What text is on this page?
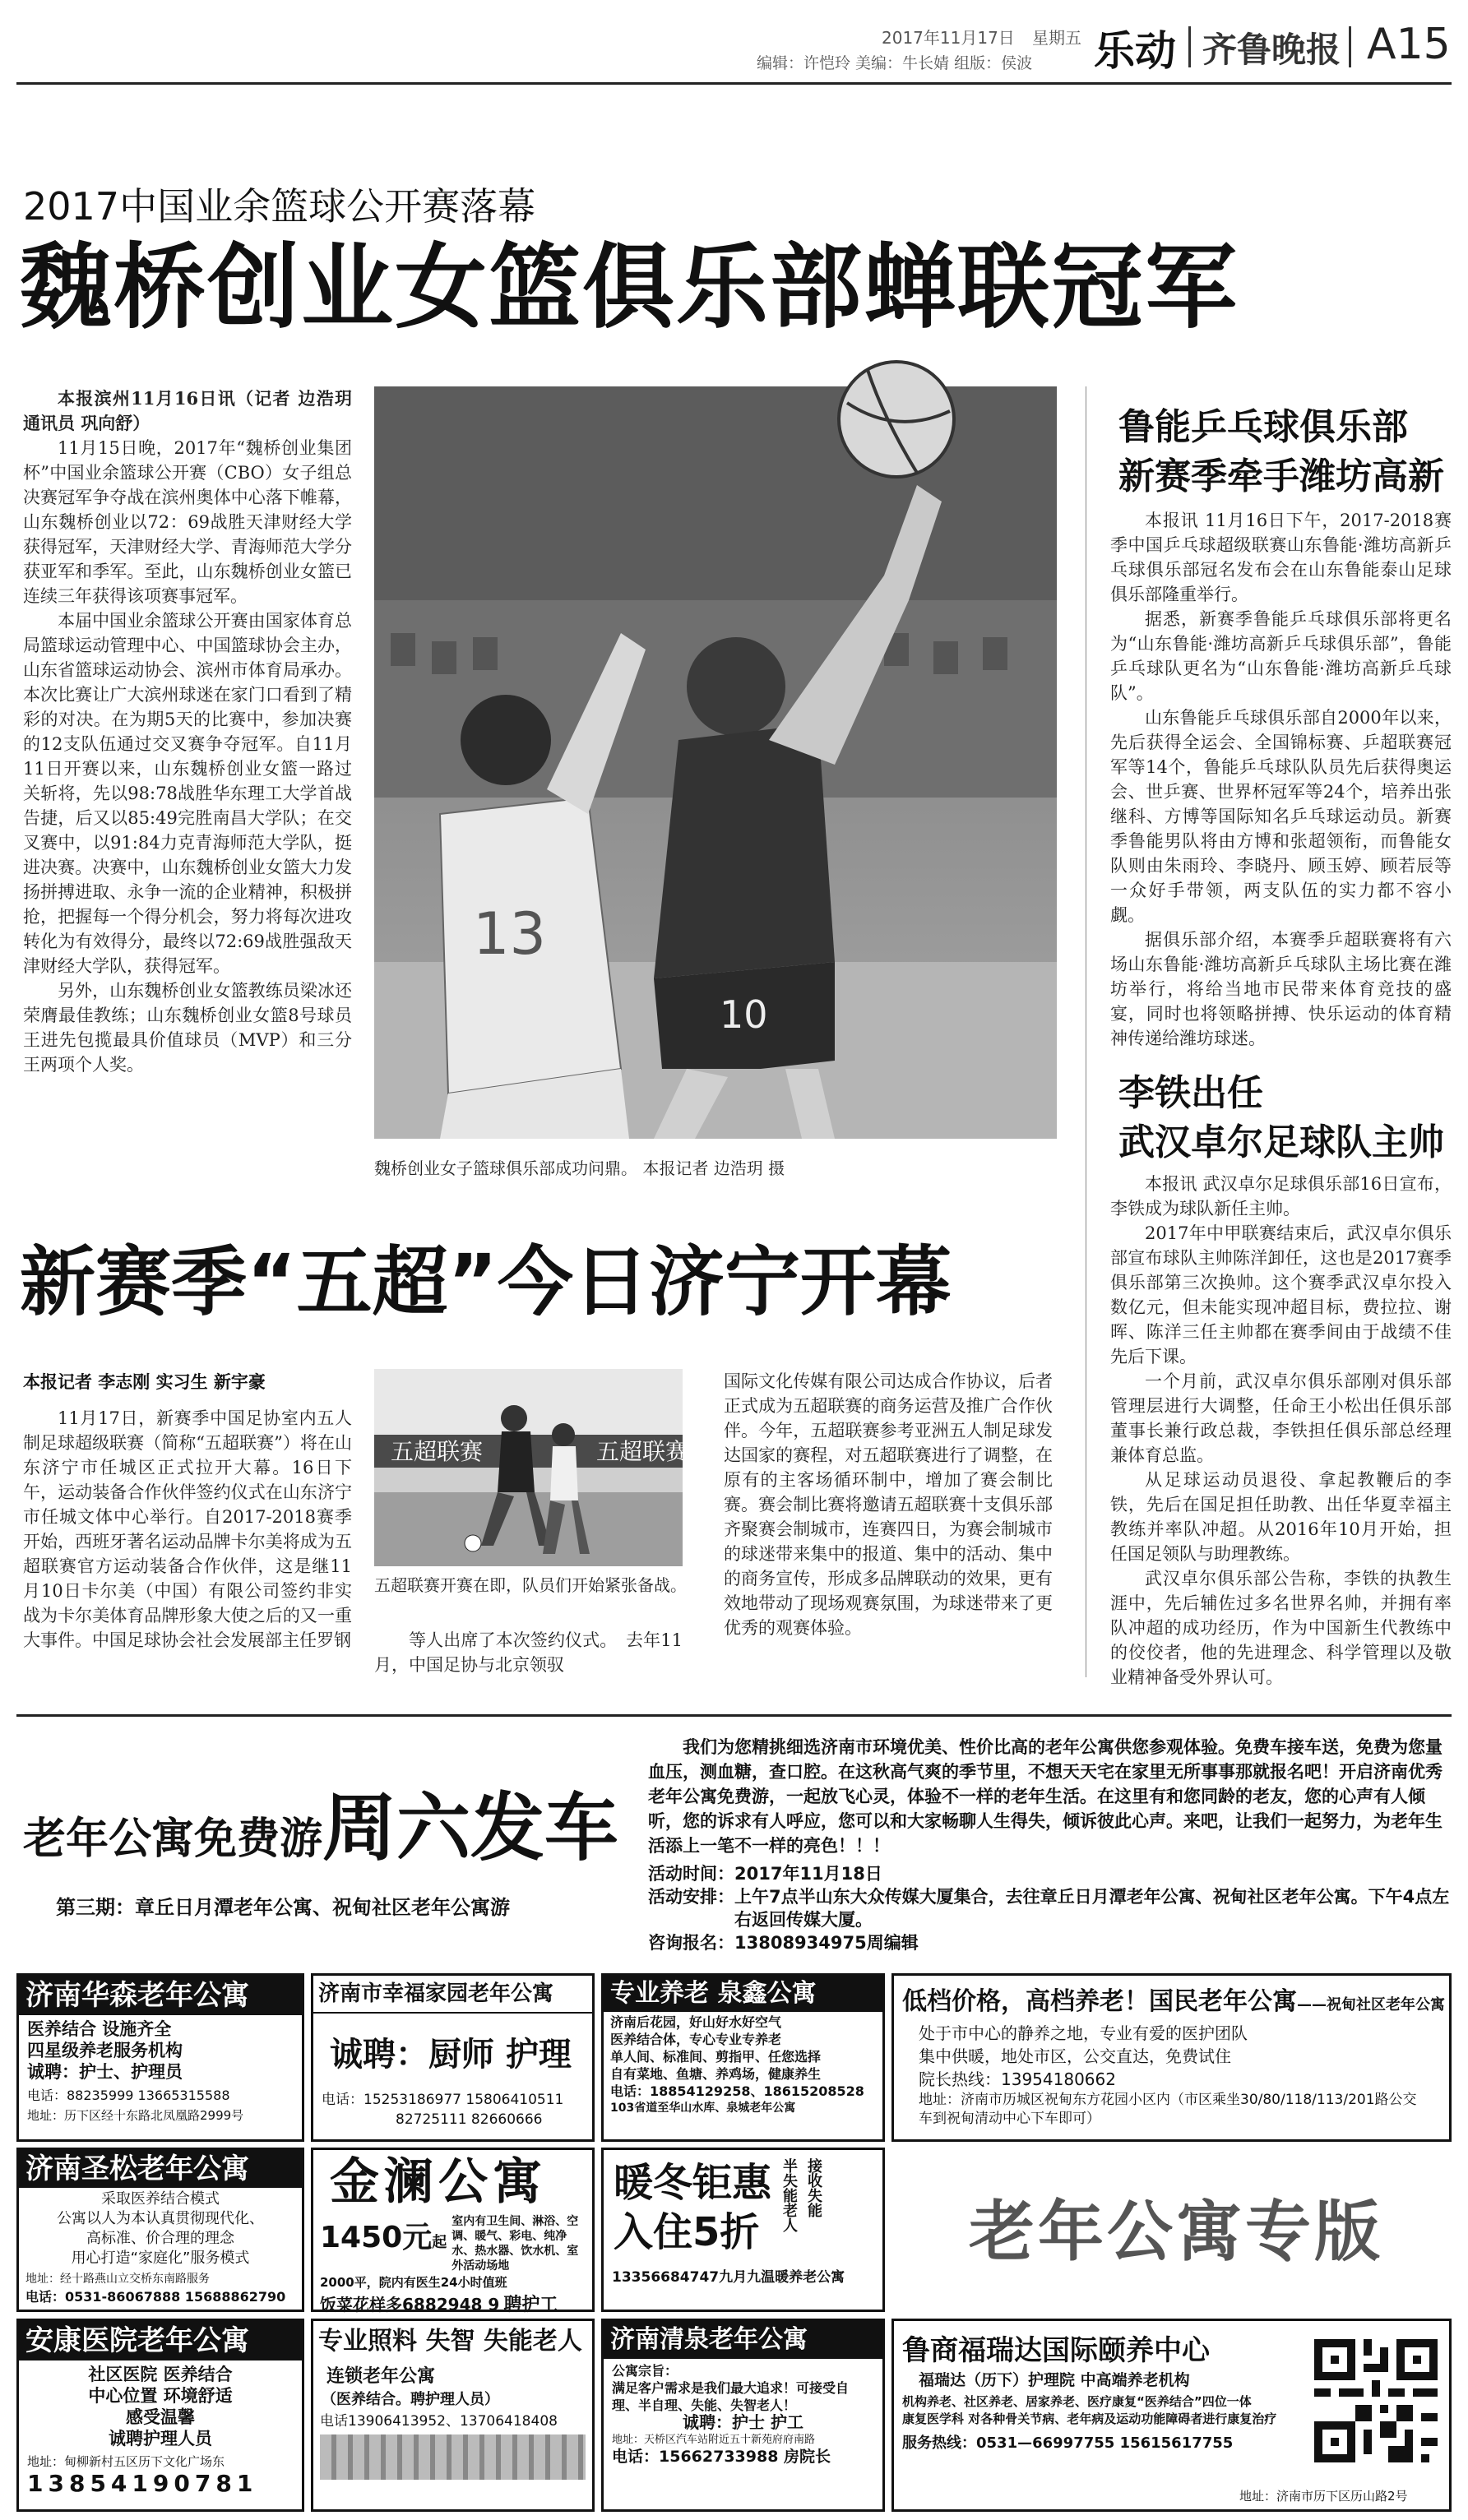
2017年11月17日 星期五
编辑：许恺玲 美编：牛长婧 组版：侯波 乐动 齐鲁晚报 A15
2017中国业余篮球公开赛落幕
魏桥创业女篮俱乐部蝉联冠军

本报滨州11月16日讯（记者 边浩玥 通讯员 巩向舒）

11月15日晚，2017年“魏桥创业集团杯”中国业余篮球公开赛（CBO）女子组总决赛冠军争夺战在滨州奥体中心落下帷幕，山东魏桥创业以72：69战胜天津财经大学获得冠军，天津财经大学、青海师范大学分获亚军和季军。至此，山东魏桥创业女篮已连续三年获得该项赛事冠军。

本届中国业余篮球公开赛由国家体育总局篮球运动管理中心、中国篮球协会主办，山东省篮球运动协会、滨州市体育局承办。本次比赛让广大滨州球迷在家门口看到了精彩的对决。在为期5天的比赛中，参加决赛的12支队伍通过交叉赛争夺冠军。自11月11日开赛以来，山东魏桥创业女篮一路过关斩将，先以98:78战胜华东理工大学首战告捷，后又以85:49完胜南昌大学队；在交叉赛中，以91:84力克青海师范大学队，挺进决赛。决赛中，山东魏桥创业女篮大力发扬拼搏进取、永争一流的企业精神，积极拼抢，把握每一个得分机会，努力将每次进攻转化为有效得分，最终以72:69战胜强敌天津财经大学队，获得冠军。

另外，山东魏桥创业女篮教练员梁冰还荣膺最佳教练；山东魏桥创业女篮8号球员王进先包揽最具价值球员（MVP）和三分王两项个人奖。

10
13
魏桥创业女子篮球俱乐部成功问鼎。 本报记者 边浩玥 摄
鲁能乒乓球俱乐部
新赛季牵手潍坊高新

本报讯 11月16日下午，2017-2018赛季中国乒乓球超级联赛山东鲁能·潍坊高新乒乓球俱乐部冠名发布会在山东鲁能泰山足球俱乐部隆重举行。

据悉，新赛季鲁能乒乓球俱乐部将更名为“山东鲁能·潍坊高新乒乓球俱乐部”，鲁能乒乓球队更名为“山东鲁能·潍坊高新乒乓球队”。

山东鲁能乒乓球俱乐部自2000年以来，先后获得全运会、全国锦标赛、乒超联赛冠军等14个，鲁能乒乓球队队员先后获得奥运会、世乒赛、世界杯冠军等24个，培养出张继科、方博等国际知名乒乓球运动员。新赛季鲁能男队将由方博和张超领衔，而鲁能女队则由朱雨玲、李晓丹、顾玉婷、顾若辰等一众好手带领，两支队伍的实力都不容小觑。

据俱乐部介绍，本赛季乒超联赛将有六场山东鲁能·潍坊高新乒乓球队主场比赛在潍坊举行，将给当地市民带来体育竞技的盛宴，同时也将领略拼搏、快乐运动的体育精神传递给潍坊球迷。

李铁出任
武汉卓尔足球队主帅

本报讯 武汉卓尔足球俱乐部16日宣布，李铁成为球队新任主帅。

2017年中甲联赛结束后，武汉卓尔俱乐部宣布球队主帅陈洋卸任，这也是2017赛季俱乐部第三次换帅。这个赛季武汉卓尔投入数亿元，但未能实现冲超目标，费拉拉、谢晖、陈洋三任主帅都在赛季间由于战绩不佳先后下课。

一个月前，武汉卓尔俱乐部刚对俱乐部管理层进行大调整，任命王小松出任俱乐部董事长兼行政总裁，李铁担任俱乐部总经理兼体育总监。

从足球运动员退役、拿起教鞭后的李铁，先后在国足担任助教、出任华夏幸福主教练并率队冲超。从2016年10月开始，担任国足领队与助理教练。

武汉卓尔俱乐部公告称，李铁的执教生涯中，先后辅佐过多名世界名帅，并拥有率队冲超的成功经历，作为中国新生代教练中的佼佼者，他的先进理念、科学管理以及敬业精神备受外界认可。

新赛季“五超”今日济宁开幕
本报记者 李志刚 实习生 新宇豪

11月17日，新赛季中国足协室内五人制足球超级联赛（简称“五超联赛”）将在山东济宁市任城区正式拉开大幕。16日下午，运动装备合作伙伴签约仪式在山东济宁市任城文体中心举行。自2017-2018赛季开始，西班牙著名运动品牌卡尔美将成为五超联赛官方运动装备合作伙伴，这是继11月10日卡尔美（中国）有限公司签约非实战为卡尔美体育品牌形象大使之后的又一重大事件。中国足球协会社会发展部主任罗钢

五超联赛	五超联赛
五超联赛开赛在即，队员们开始紧张备战。

等人出席了本次签约仪式。　去年11月，中国足协与北京领驭

国际文化传媒有限公司达成合作协议，后者正式成为五超联赛的商务运营及推广合作伙伴。今年，五超联赛参考亚洲五人制足球发达国家的赛程，对五超联赛进行了调整，在原有的主客场循环制中，增加了赛会制比赛。赛会制比赛将邀请五超联赛十支俱乐部齐聚赛会制城市，连赛四日，为赛会制城市的球迷带来集中的报道、集中的活动、集中的商务宣传，形成多品牌联动的效果，更有效地带动了现场观赛氛围，为球迷带来了更优秀的观赛体验。

老年公寓免费游周六发车
第三期：章丘日月潭老年公寓、祝甸社区老年公寓游
我们为您精挑细选济南市环境优美、性价比高的老年公寓供您参观体验。免费车接车送，免费为您量血压，测血糖，查口腔。在这秋高气爽的季节里，不想天天宅在家里无所事事那就报名吧！开启济南优秀老年公寓免费游，一起放飞心灵，体验不一样的老年生活。在这里有和您同龄的老友，您的心声有人倾听，您的诉求有人呼应，您可以和大家畅聊人生得失，倾诉彼此心声。来吧，让我们一起努力，为老年生活添上一笔不一样的亮色！！！
活动时间：2017年11月18日
活动安排： 上午7点半山东大众传媒大厦集合，去往章丘日月潭老年公寓、祝甸社区老年公寓。下午4点左右返回传媒大厦。
咨询报名：13808934975周编辑
济南华森老年公寓
医养结合 设施齐全
四星级养老服务机构
诚聘：护士、护理员
电话：88235999 13665315588
地址：历下区经十东路北凤凰路2999号
济南市幸福家园老年公寓
诚聘：厨师 护理
电话：15253186977 15806410511
82725111 82660666
专业养老 泉鑫公寓
济南后花园，好山好水好空气
医养结合体，专心专业专养老
单人间、标准间、剪指甲、任您选择
自有菜地、鱼塘、养鸡场，健康养生
电话：18854129258、18615208528
103省道至华山水库、泉城老年公寓
低档价格，高档养老！国民老年公寓——祝甸社区老年公寓
处于市中心的静养之地，专业有爱的医护团队
集中供暖，地处市区，公交直达，免费试住
院长热线：13954180662
地址：济南市历城区祝甸东方花园小区内（市区乘坐30/80/118/113/201路公交车到祝甸清动中心下车即可）
济南圣松老年公寓
采取医养结合模式
公寓以人为本认真贯彻现代化、
高标准、价合理的理念
用心打造“家庭化”服务模式
地址：经十路燕山立交桥东南路服务
电话：0531-86067888 15688862790
金澜公寓
1450元起
室内有卫生间、淋浴、空调、暖气、彩电、纯净水、热水器、饮水机、室外活动场地
2000平，院内有医生24小时值班
饭菜花样多6882948 9 聘护工
暖冬钜惠
入住5折	半失能老人 接收失能
13356684747九月九温暖养老公寓
老年公寓专版
安康医院老年公寓
社区医院 医养结合
中心位置 环境舒适
感受温馨
诚聘护理人员
地址：甸柳新村五区历下文化广场东
13854190781
专业照料 失智 失能老人
连锁老年公寓
（医养结合。聘护理人员）
电话13906413952、13706418408
济南清泉老年公寓
公寓宗旨：
满足客户需求是我们最大追求！可接受自理、半自理、失能、失智老人！
诚聘：护士 护工
地址：天桥区汽车站附近五十新苑府府南路
电话：15662733988 房院长
鲁商福瑞达国际颐养中心
福瑞达（历下）护理院 中高端养老机构
机构养老、社区养老、居家养老、医疗康复“医养结合”四位一体
康复医学科 对各种骨关节病、老年病及运动功能障碍者进行康复治疗
服务热线：0531—66997755 15615617755
地址：济南市历下区历山路2号
